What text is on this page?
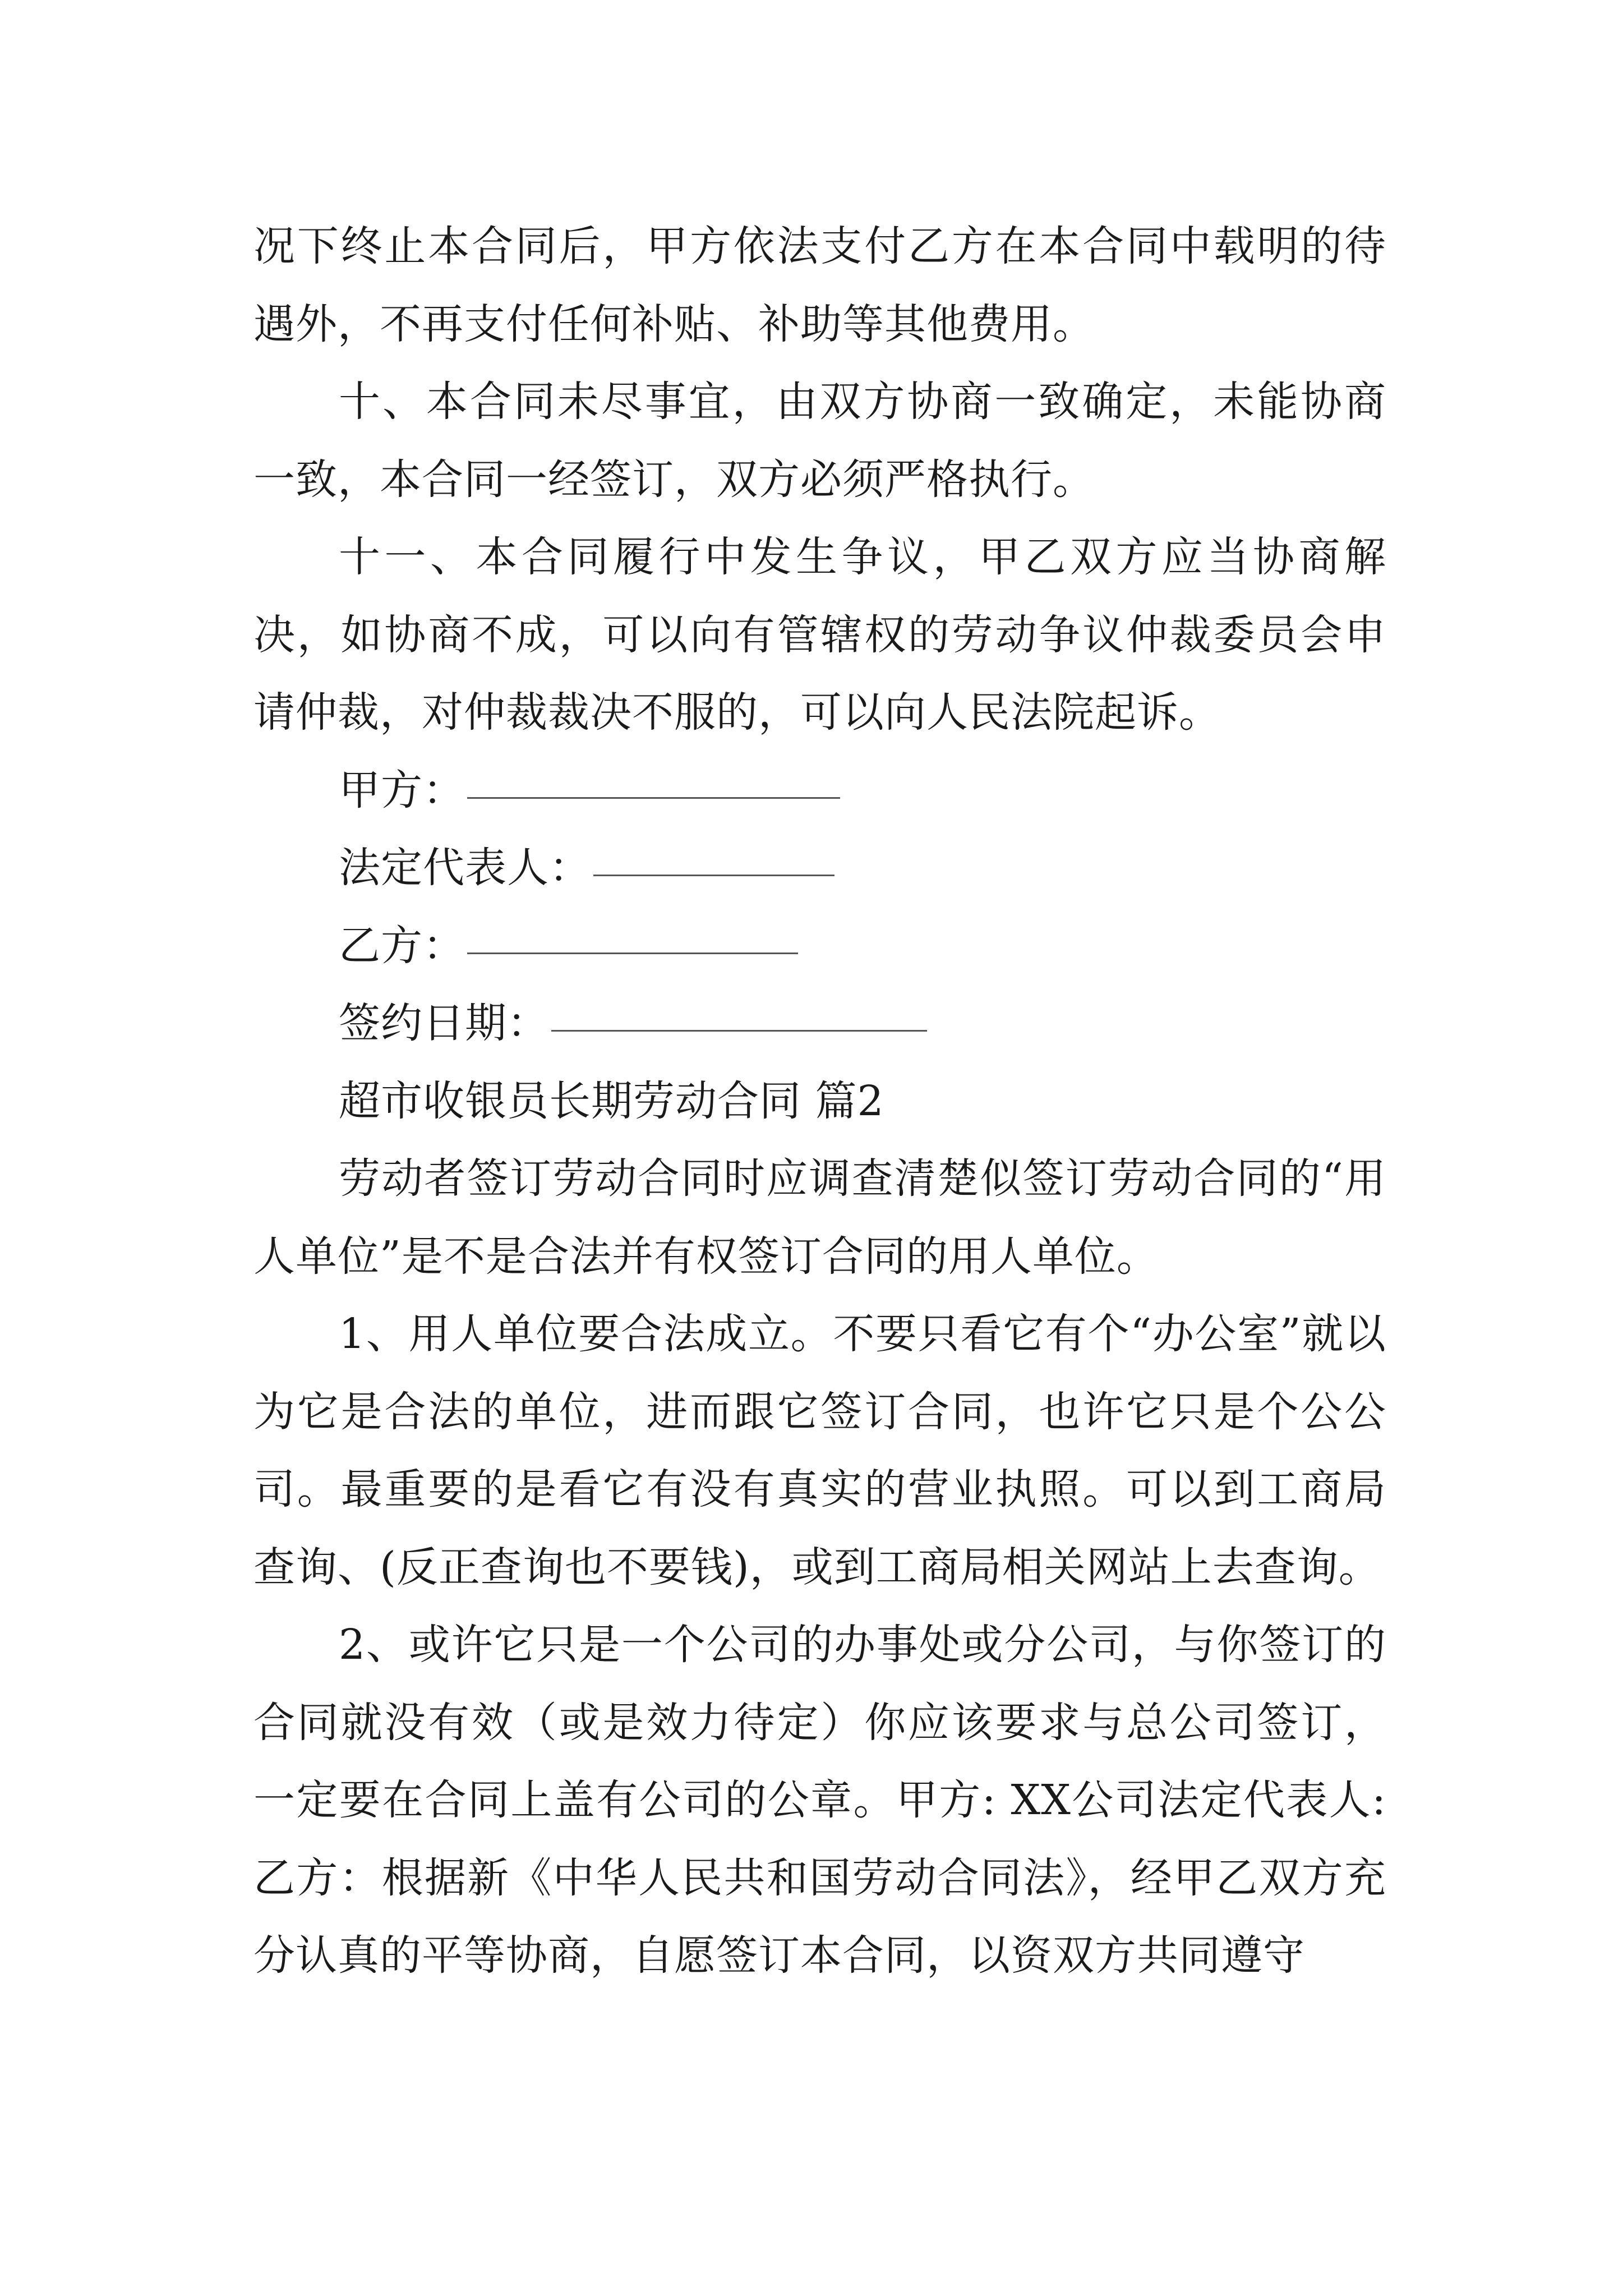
况下终止本合同后，甲方依法支付乙方在本合同中载明的待遇外，不再支付任何补贴、补助等其他费用。

十、本合同未尽事宜，由双方协商一致确定，未能协商一致，本合同一经签订，双方必须严格执行。

十一、本合同履行中发生争议，甲乙双方应当协商解决，如协商不成，可以向有管辖权的劳动争议仲裁委员会申请仲裁，对仲裁裁决不服的，可以向人民法院起诉。

甲方：
法定代表人：
乙方：
签约日期：

超市收银员长期劳动合同 篇2

劳动者签订劳动合同时应调查清楚似签订劳动合同的“用人单位”是不是合法并有权签订合同的用人单位。

1、用人单位要合法成立。不要只看它有个“办公室”就以为它是合法的单位，进而跟它签订合同，也许它只是个公公司。最重要的是看它有没有真实的营业执照。可以到工商局查询、(反正查询也不要钱)，或到工商局相关网站上去查询。

2、或许它只是一个公司的办事处或分公司，与你签订的合同就没有效（或是效力待定）你应该要求与总公司签订，一定要在合同上盖有公司的公章。甲方: XX公司法定代表人: 乙方：根据新《中华人民共和国劳动合同法》，经甲乙双方充分认真的平等协商，自愿签订本合同，以资双方共同遵守
